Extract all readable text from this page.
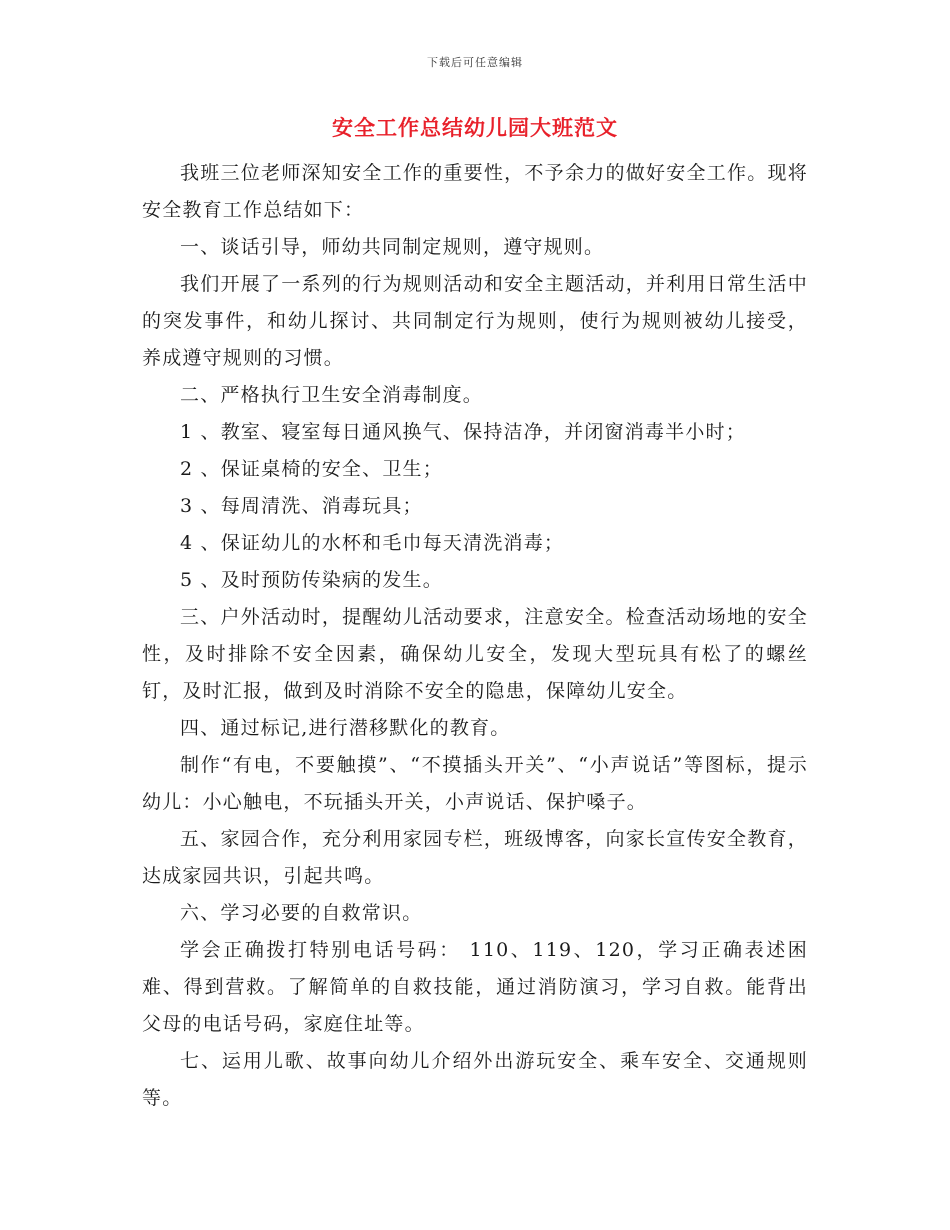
下载后可任意编辑
安全工作总结幼儿园大班范文

我班三位老师深知安全工作的重要性，不予余力的做好安全工作。现将安全教育工作总结如下：

一、谈话引导，师幼共同制定规则，遵守规则。

我们开展了一系列的行为规则活动和安全主题活动，并利用日常生活中的突发事件，和幼儿探讨、共同制定行为规则，使行为规则被幼儿接受，养成遵守规则的习惯。

二、严格执行卫生安全消毒制度。

1 、教室、寝室每日通风换气、保持洁净，并闭窗消毒半小时；

2 、保证桌椅的安全、卫生；

3 、每周清洗、消毒玩具；

4 、保证幼儿的水杯和毛巾每天清洗消毒；

5 、及时预防传染病的发生。

三、户外活动时，提醒幼儿活动要求，注意安全。检查活动场地的安全性，及时排除不安全因素，确保幼儿安全，发现大型玩具有松了的螺丝钉，及时汇报，做到及时消除不安全的隐患，保障幼儿安全。

四、通过标记,进行潜移默化的教育。

制作“有电，不要触摸”、“不摸插头开关”、“小声说话”等图标，提示幼儿：小心触电，不玩插头开关，小声说话、保护嗓子。

五、家园合作，充分利用家园专栏，班级博客，向家长宣传安全教育，达成家园共识，引起共鸣。

六、学习必要的自救常识。

学会正确拨打特别电话号码： 110、119、120，学习正确表述困难、得到营救。了解简单的自救技能，通过消防演习，学习自救。能背出父母的电话号码，家庭住址等。

七、运用儿歌、故事向幼儿介绍外出游玩安全、乘车安全、交通规则等。
